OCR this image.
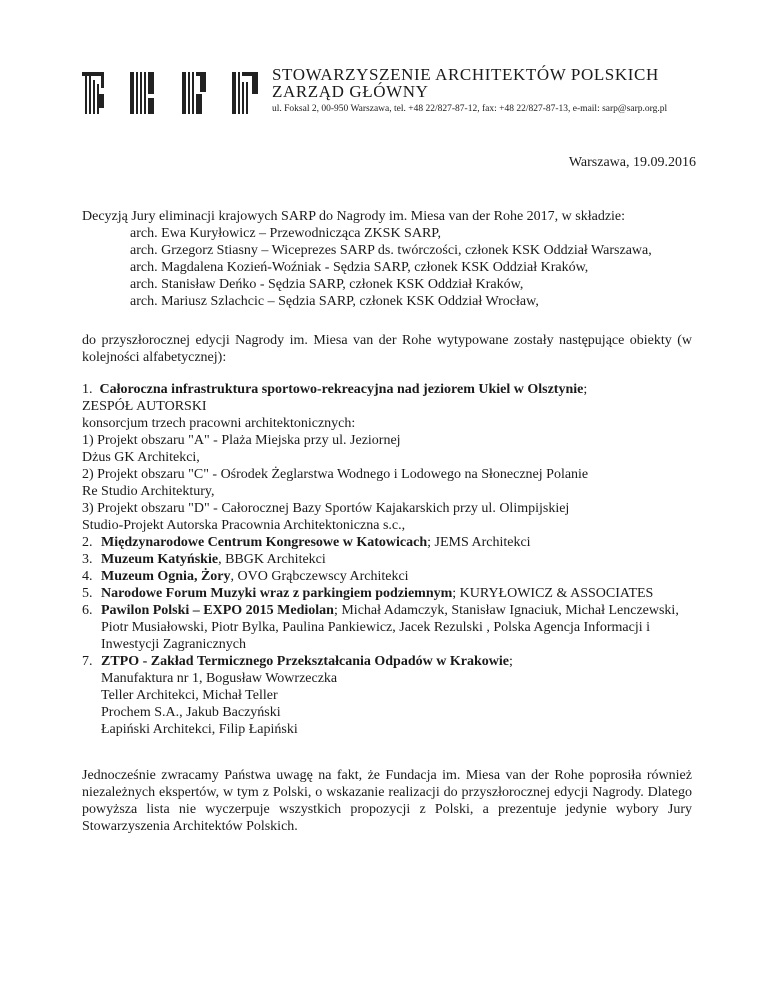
STOWARZYSZENIE ARCHITEKTÓW POLSKICH
ZARZĄD GŁÓWNY
ul. Foksal 2, 00-950 Warszawa, tel. +48 22/827-87-12, fax: +48 22/827-87-13, e-mail: sarp@sarp.org.pl
Warszawa, 19.09.2016
Decyzją Jury eliminacji krajowych SARP do Nagrody im. Miesa van der Rohe 2017, w składzie:
arch. Ewa Kuryłowicz – Przewodnicząca ZKSK SARP,
arch. Grzegorz Stiasny – Wiceprezes SARP ds. twórczości, członek KSK Oddział Warszawa,
arch. Magdalena Kozień-Woźniak - Sędzia SARP, członek KSK Oddział Kraków,
arch. Stanisław Deńko - Sędzia SARP, członek KSK Oddział Kraków,
arch. Mariusz Szlachcic – Sędzia SARP, członek KSK Oddział Wrocław,
do przyszłorocznej edycji Nagrody im. Miesa van der Rohe wytypowane zostały następujące obiekty (w kolejności alfabetycznej):
1. Całoroczna infrastruktura sportowo-rekreacyjna nad jeziorem Ukiel w Olsztynie;
ZESPÓŁ AUTORSKI
konsorcjum trzech pracowni architektonicznych:
1) Projekt obszaru "A" - Plaża Miejska przy ul. Jeziornej
Dżus GK Architekci,
2) Projekt obszaru "C" - Ośrodek Żeglarstwa Wodnego i Lodowego na Słonecznej Polanie
Re Studio Architektury,
3) Projekt obszaru "D" - Całorocznej Bazy Sportów Kajakarskich przy ul. Olimpijskiej
Studio-Projekt Autorska Pracownia Architektoniczna s.c.,
2. Międzynarodowe Centrum Kongresowe w Katowicach; JEMS Architekci
3. Muzeum Katyńskie, BBGK Architekci
4. Muzeum Ognia, Żory, OVO Grąbczewscy Architekci
5. Narodowe Forum Muzyki wraz z parkingiem podziemnym; KURYŁOWICZ & ASSOCIATES
6. Pawilon Polski – EXPO 2015 Mediolan; Michał Adamczyk, Stanisław Ignaciuk, Michał Lenczewski, Piotr Musiałowski, Piotr Bylka, Paulina Pankiewicz, Jacek Rezulski , Polska Agencja Informacji i Inwestycji Zagranicznych
7. ZTPO - Zakład Termicznego Przekształcania Odpadów w Krakowie;
Manufaktura nr 1, Bogusław Wowrzeczka
Teller Architekci, Michał Teller
Prochem S.A., Jakub Baczyński
Łapiński Architekci, Filip Łapiński
Jednocześnie zwracamy Państwa uwagę na fakt, że Fundacja im. Miesa van der Rohe poprosiła również niezależnych ekspertów, w tym z Polski, o wskazanie realizacji do przyszłorocznej edycji Nagrody. Dlatego powyższa lista nie wyczerpuje wszystkich propozycji z Polski, a prezentuje jedynie wybory Jury Stowarzyszenia Architektów Polskich.
